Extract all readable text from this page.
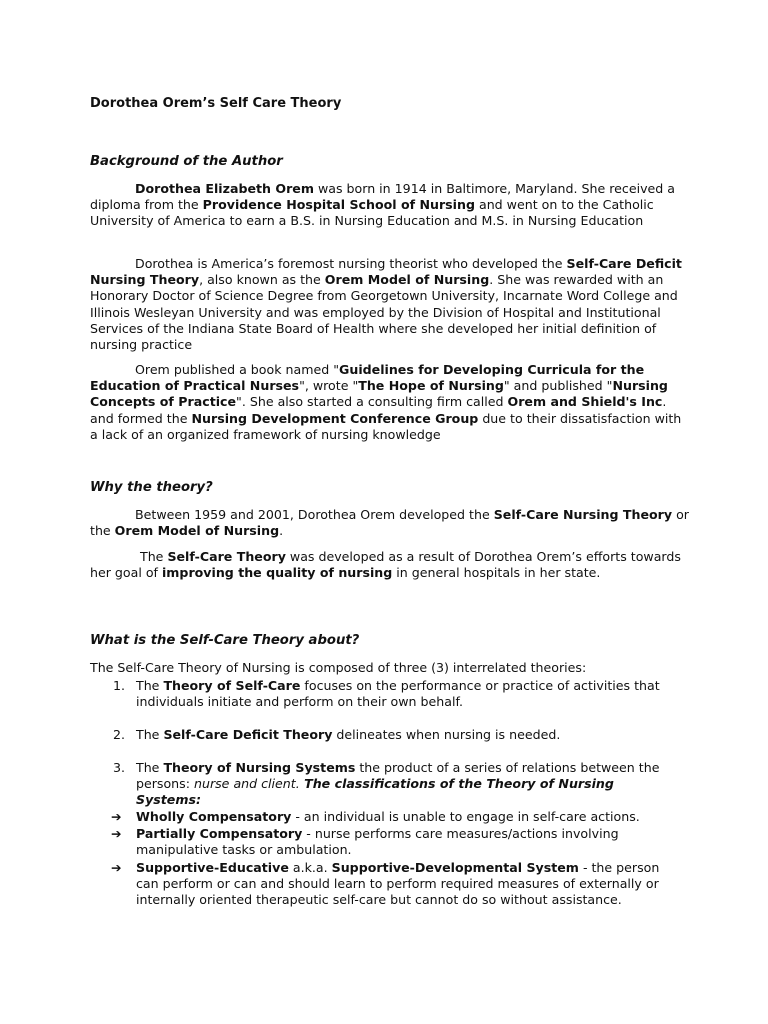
Dorothea Orem’s Self Care Theory
Background of the Author

Dorothea Elizabeth Orem was born in 1914 in Baltimore, Maryland. She received a diploma from the Providence Hospital School of Nursing and went on to the Catholic University of America to earn a B.S. in Nursing Education and M.S. in Nursing Education

Dorothea is America’s foremost nursing theorist who developed the Self-Care Deficit Nursing Theory, also known as the Orem Model of Nursing. She was rewarded with an Honorary Doctor of Science Degree from Georgetown University, Incarnate Word College and Illinois Wesleyan University and was employed by the Division of Hospital and Institutional Services of the Indiana State Board of Health where she developed her initial definition of nursing practice

Orem published a book named "Guidelines for Developing Curricula for the Education of Practical Nurses", wrote "The Hope of Nursing" and published "Nursing Concepts of Practice". She also started a consulting firm called Orem and Shield's Inc. and formed the Nursing Development Conference Group due to their dissatisfaction with a lack of an organized framework of nursing knowledge

Why the theory?

Between 1959 and 2001, Dorothea Orem developed the Self-Care Nursing Theory or the Orem Model of Nursing.

The Self-Care Theory was developed as a result of Dorothea Orem’s efforts towards her goal of improving the quality of nursing in general hospitals in her state.

What is the Self-Care Theory about?

The Self-Care Theory of Nursing is composed of three (3) interrelated theories:

1. The Theory of Self-Care focuses on the performance or practice of activities that individuals initiate and perform on their own behalf.
2. The Self-Care Deficit Theory delineates when nursing is needed.
3. The Theory of Nursing Systems the product of a series of relations between the persons: nurse and client. The classifications of the Theory of Nursing Systems:
➔ Wholly Compensatory - an individual is unable to engage in self-care actions.
➔ Partially Compensatory - nurse performs care measures/actions involving manipulative tasks or ambulation.
➔ Supportive-Educative a.k.a. Supportive-Developmental System - the person can perform or can and should learn to perform required measures of externally or internally oriented therapeutic self-care but cannot do so without assistance.
